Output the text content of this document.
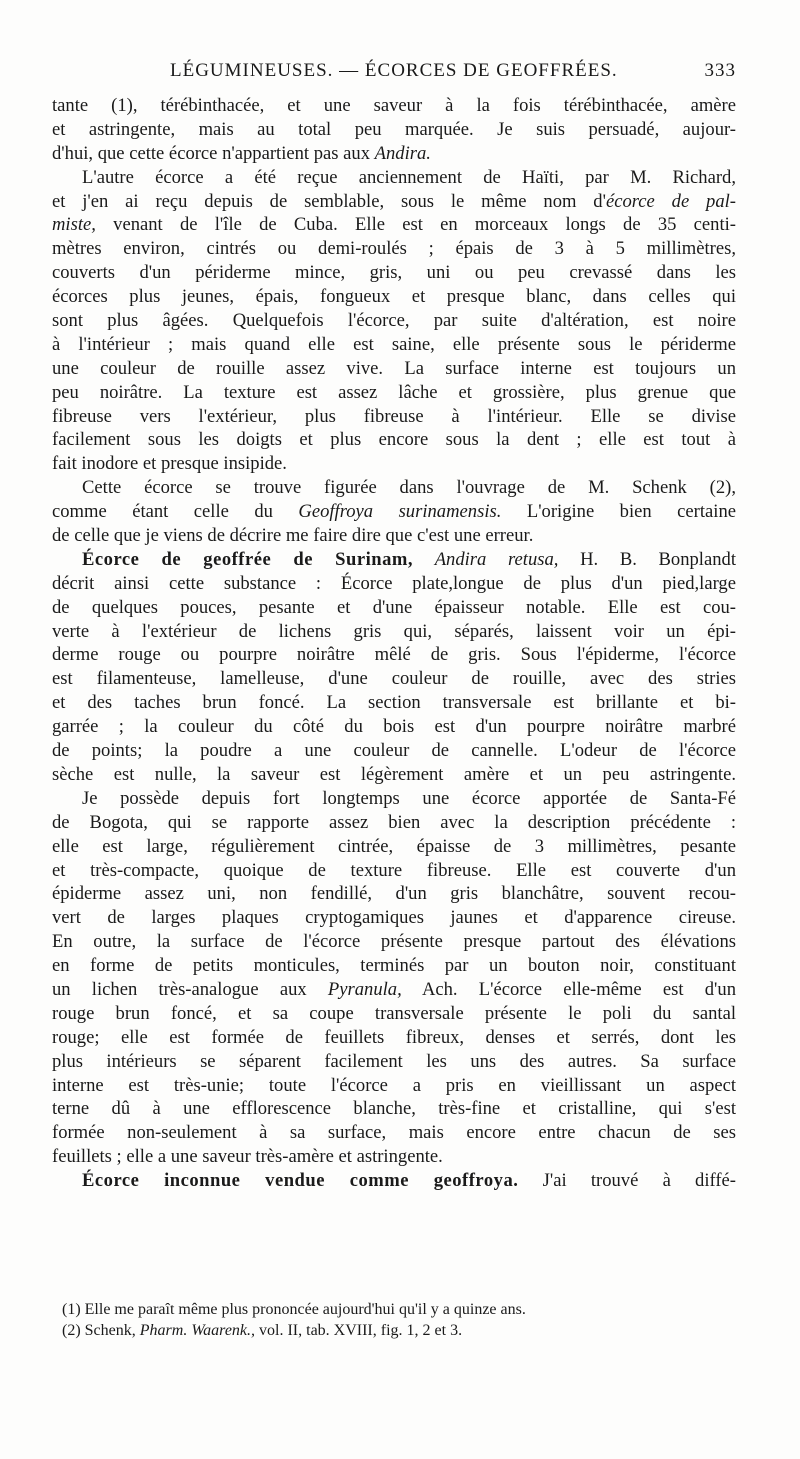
LÉGUMINEUSES. — ÉCORCES DE GEOFFRÉES.	333
tante (1), térébinthacée, et une saveur à la fois térébinthacée, amère
et astringente, mais au total peu marquée. Je suis persuadé, aujour-
d'hui, que cette écorce n'appartient pas aux Andira.
L'autre écorce a été reçue anciennement de Haïti, par M. Richard,
et j'en ai reçu depuis de semblable, sous le même nom d'écorce de pal-
miste, venant de l'île de Cuba. Elle est en morceaux longs de 35 centi-
mètres environ, cintrés ou demi-roulés ; épais de 3 à 5 millimètres,
couverts d'un périderme mince, gris, uni ou peu crevassé dans les
écorces plus jeunes, épais, fongueux et presque blanc, dans celles qui
sont plus âgées. Quelquefois l'écorce, par suite d'altération, est noire
à l'intérieur ; mais quand elle est saine, elle présente sous le périderme
une couleur de rouille assez vive. La surface interne est toujours un
peu noirâtre. La texture est assez lâche et grossière, plus grenue que
fibreuse vers l'extérieur, plus fibreuse à l'intérieur. Elle se divise
facilement sous les doigts et plus encore sous la dent ; elle est tout à
fait inodore et presque insipide.
Cette écorce se trouve figurée dans l'ouvrage de M. Schenk (2),
comme étant celle du Geoffroya surinamensis. L'origine bien certaine
de celle que je viens de décrire me faire dire que c'est une erreur.
Écorce de geoffrée de Surinam, Andira retusa, H. B. Bonplandt
décrit ainsi cette substance : Écorce plate,longue de plus d'un pied,large
de quelques pouces, pesante et d'une épaisseur notable. Elle est cou-
verte à l'extérieur de lichens gris qui, séparés, laissent voir un épi-
derme rouge ou pourpre noirâtre mêlé de gris. Sous l'épiderme, l'écorce
est filamenteuse, lamelleuse, d'une couleur de rouille, avec des stries
et des taches brun foncé. La section transversale est brillante et bi-
garrée ; la couleur du côté du bois est d'un pourpre noirâtre marbré
de points; la poudre a une couleur de cannelle. L'odeur de l'écorce
sèche est nulle, la saveur est légèrement amère et un peu astringente.
Je possède depuis fort longtemps une écorce apportée de Santa-Fé
de Bogota, qui se rapporte assez bien avec la description précédente :
elle est large, régulièrement cintrée, épaisse de 3 millimètres, pesante
et très-compacte, quoique de texture fibreuse. Elle est couverte d'un
épiderme assez uni, non fendillé, d'un gris blanchâtre, souvent recou-
vert de larges plaques cryptogamiques jaunes et d'apparence cireuse.
En outre, la surface de l'écorce présente presque partout des élévations
en forme de petits monticules, terminés par un bouton noir, constituant
un lichen très-analogue aux Pyranula, Ach. L'écorce elle-même est d'un
rouge brun foncé, et sa coupe transversale présente le poli du santal
rouge; elle est formée de feuillets fibreux, denses et serrés, dont les
plus intérieurs se séparent facilement les uns des autres. Sa surface
interne est très-unie; toute l'écorce a pris en vieillissant un aspect
terne dû à une efflorescence blanche, très-fine et cristalline, qui s'est
formée non-seulement à sa surface, mais encore entre chacun de ses
feuillets ; elle a une saveur très-amère et astringente.
Écorce inconnue vendue comme geoffroya. J'ai trouvé à diffé-
(1) Elle me paraît même plus prononcée aujourd'hui qu'il y a quinze ans.
(2) Schenk, Pharm. Waarenk., vol. II, tab. XVIII, fig. 1, 2 et 3.
